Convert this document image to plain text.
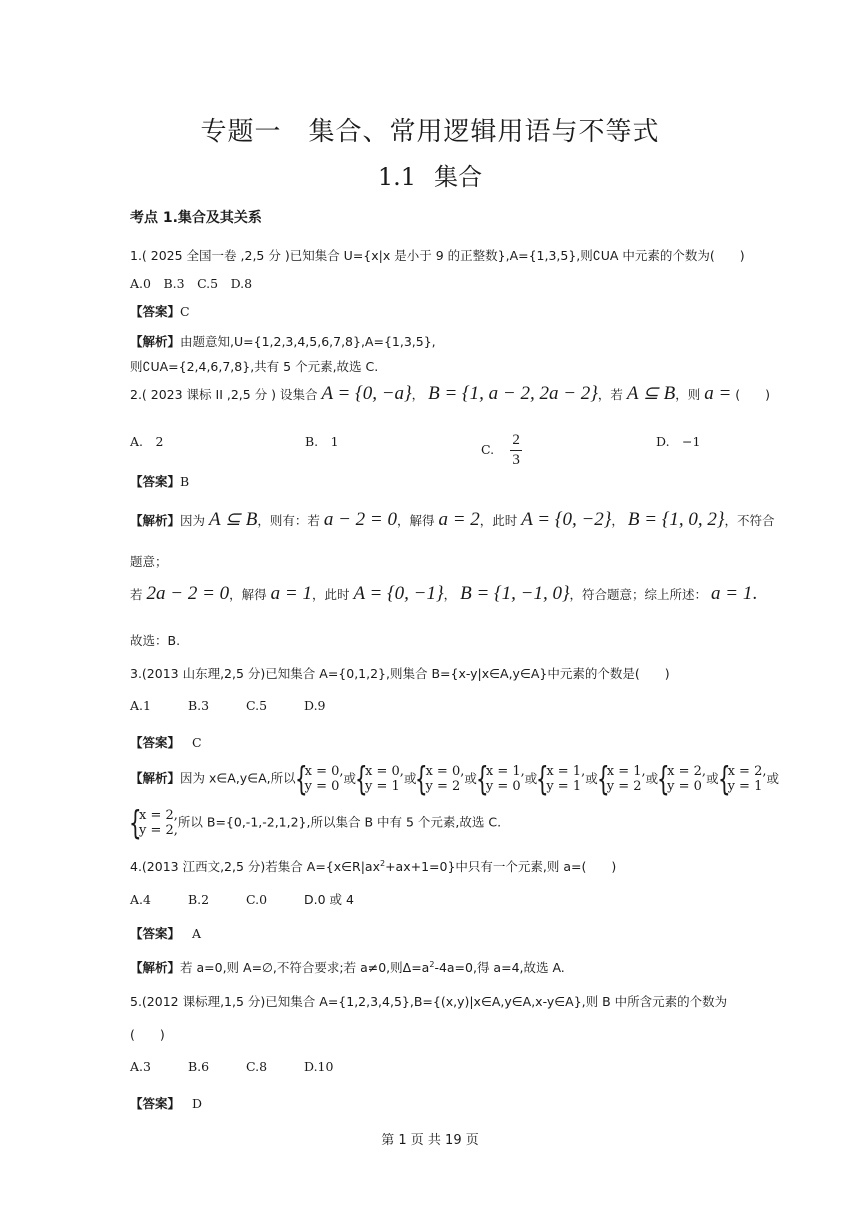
专题一　集合、常用逻辑用语与不等式
1.1 集合
考点 1.集合及其关系
1.( 2025 全国一卷 ,2,5 分 )已知集合 U={x|x 是小于 9 的正整数},A={1,3,5},则∁UA 中元素的个数为(　　)
A.0　B.3　C.5　D.8
【答案】C
【解析】由题意知,U={1,2,3,4,5,6,7,8},A={1,3,5},
则∁UA={2,4,6,7,8},共有 5 个元素,故选 C.
2.( 2023 课标 II ,2,5 分 ) 设集合 A = {0, −a}， B = {1, a − 2, 2a − 2}，若 A ⊆ B，则 a = (　　)
A.　2	B.　1
C. $\frac{2}{3}$	D.　−1
【答案】B
【解析】因为 A ⊆ B，则有：若 a − 2 = 0，解得 a = 2，此时 A = {0, −2}， B = {1, 0, 2}，不符合
题意；
若 2a − 2 = 0，解得 a = 1，此时 A = {0, −1}， B = {1, −1, 0}，符合题意；综上所述： a = 1.
故选：B.
3.(2013 山东理,2,5 分)已知集合 A={0,1,2},则集合 B={x-y|x∈A,y∈A}中元素的个数是(　　)
A.1	B.3	C.5	D.9
【答案】 C
【解析】因为 x∈A,y∈A,所以 { x = 0,
y = 0
或 { x = 0,
y = 1
或 { x = 0,
y = 2
或 { x = 1,
y = 0
或 { x = 1,
y = 1
或 { x = 1,
y = 2
或 { x = 2,
y = 0
或 { x = 2,
y = 1
或
{ x = 2,
y = 2,
所以 B={0,-1,-2,1,2},所以集合 B 中有 5 个元素,故选 C.
4.(2013 江西文,2,5 分)若集合 $A=\{x\in R|ax^2+ax+1=0\}$中只有一个元素,则 a=(　　)
A.4	B.2	C.0	D.0 或 4
【答案】 A
【解析】若 a=0,则 A=∅,不符合要求;若 a≠0,则$\Delta=a^2-4a=0$,得 a=4,故选 A.
5.(2012 课标理,1,5 分)已知集合 A={1,2,3,4,5},B={(x,y)|x∈A,y∈A,x-y∈A},则 B 中所含元素的个数为
(　　)
A.3	B.6	C.8	D.10
【答案】 D
第 1 页 共 19 页
